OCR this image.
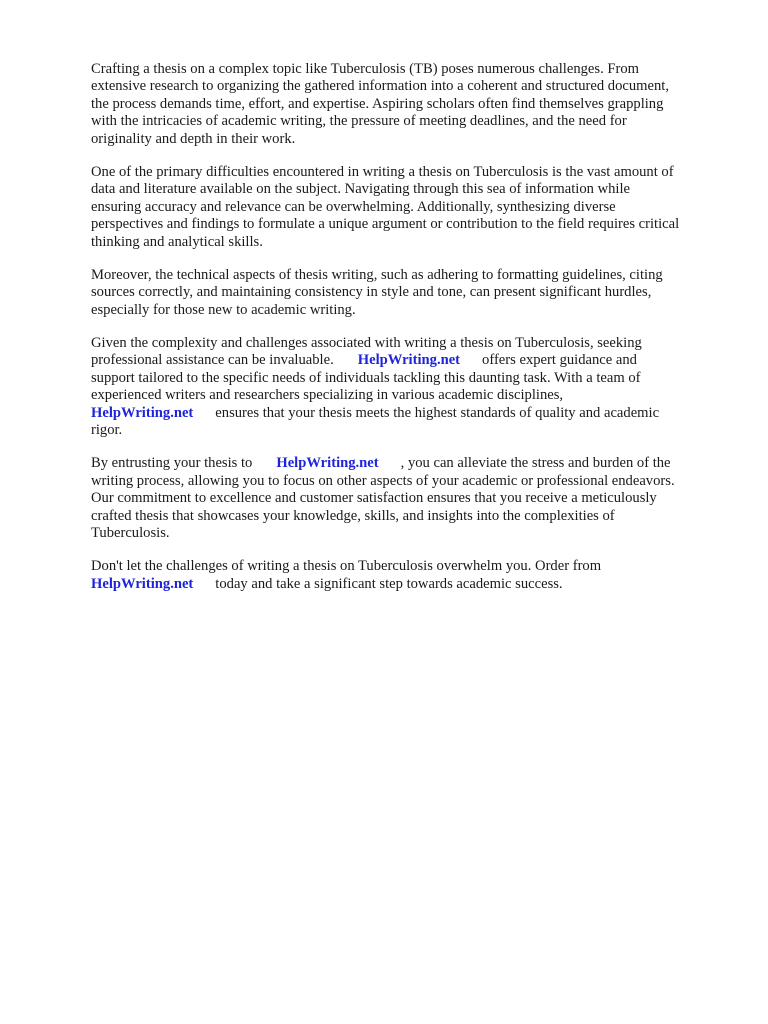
Crafting a thesis on a complex topic like Tuberculosis (TB) poses numerous challenges. From
extensive research to organizing the gathered information into a coherent and structured document,
the process demands time, effort, and expertise. Aspiring scholars often find themselves grappling
with the intricacies of academic writing, the pressure of meeting deadlines, and the need for
originality and depth in their work.

One of the primary difficulties encountered in writing a thesis on Tuberculosis is the vast amount of
data and literature available on the subject. Navigating through this sea of information while
ensuring accuracy and relevance can be overwhelming. Additionally, synthesizing diverse
perspectives and findings to formulate a unique argument or contribution to the field requires critical
thinking and analytical skills.

Moreover, the technical aspects of thesis writing, such as adhering to formatting guidelines, citing
sources correctly, and maintaining consistency in style and tone, can present significant hurdles,
especially for those new to academic writing.

Given the complexity and challenges associated with writing a thesis on Tuberculosis, seeking
professional assistance can be invaluable. HelpWriting.net offers expert guidance and
support tailored to the specific needs of individuals tackling this daunting task. With a team of
experienced writers and researchers specializing in various academic disciplines,
HelpWriting.net ensures that your thesis meets the highest standards of quality and academic
rigor.

By entrusting your thesis to HelpWriting.net , you can alleviate the stress and burden of the
writing process, allowing you to focus on other aspects of your academic or professional endeavors.
Our commitment to excellence and customer satisfaction ensures that you receive a meticulously
crafted thesis that showcases your knowledge, skills, and insights into the complexities of
Tuberculosis.

Don't let the challenges of writing a thesis on Tuberculosis overwhelm you. Order from
HelpWriting.net today and take a significant step towards academic success.
